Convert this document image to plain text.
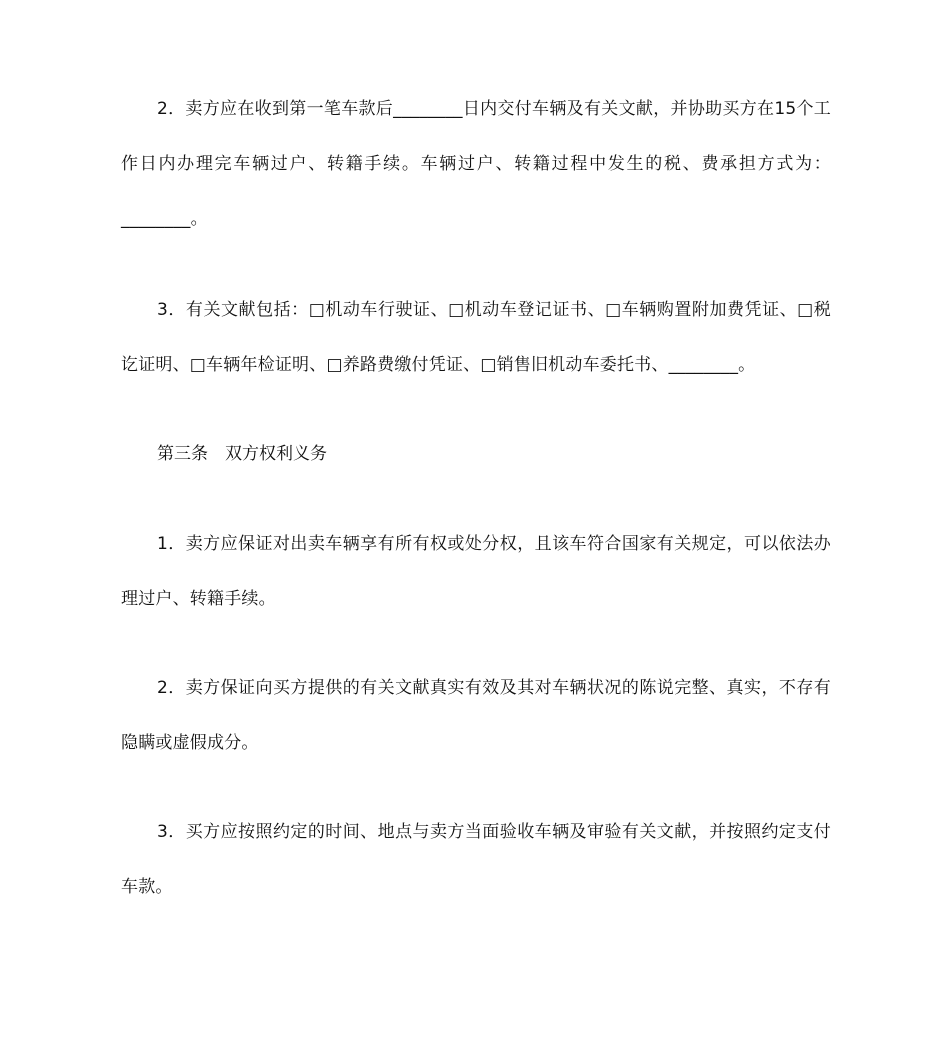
2．卖方应在收到第一笔车款后________日内交付车辆及有关文献，并协助买方在15个工作日内办理完车辆过户、转籍手续。车辆过户、转籍过程中发生的税、费承担方式为：________。

3．有关文献包括：□机动车行驶证、□机动车登记证书、□车辆购置附加费凭证、□税讫证明、□车辆年检证明、□养路费缴付凭证、□销售旧机动车委托书、________。

第三条　双方权利义务

1．卖方应保证对出卖车辆享有所有权或处分权，且该车符合国家有关规定，可以依法办理过户、转籍手续。

2．卖方保证向买方提供的有关文献真实有效及其对车辆状况的陈说完整、真实，不存有隐瞒或虚假成分。

3．买方应按照约定的时间、地点与卖方当面验收车辆及审验有关文献，并按照约定支付车款。
